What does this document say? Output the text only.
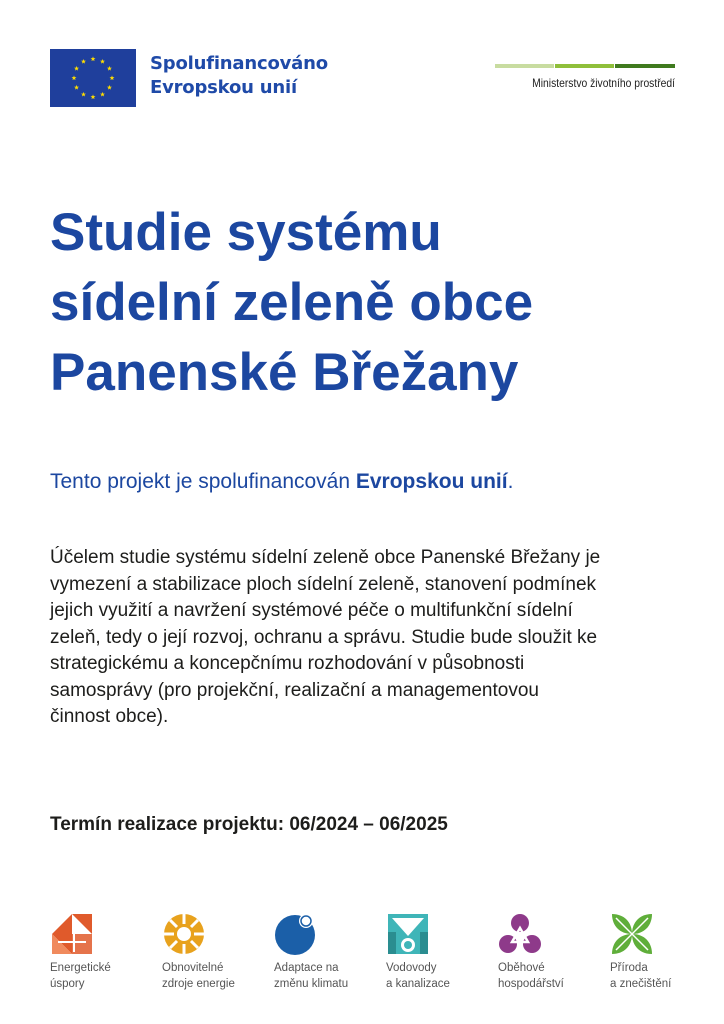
Spolufinancováno
Evropskou unií	Ministerstvo životního prostředí
Studie systému
sídelní zeleně obce
Panenské Břežany
Tento projekt je spolufinancován Evropskou unií.
Účelem studie systému sídelní zeleně obce Panenské Břežany je
vymezení a stabilizace ploch sídelní zeleně, stanovení podmínek
jejich využití a navržení systémové péče o multifunkční sídelní
zeleň, tedy o její rozvoj, ochranu a správu. Studie bude sloužit ke
strategickému a koncepčnímu rozhodování v působnosti
samosprávy (pro projekční, realizační a managementovou
činnost obce).
Termín realizace projektu: 06/2024 – 06/2025
Energetické
úspory
Obnovitelné
zdroje energie
Adaptace na
změnu klimatu
Vodovody
a kanalizace
Oběhové
hospodářství
Příroda
a znečištění
